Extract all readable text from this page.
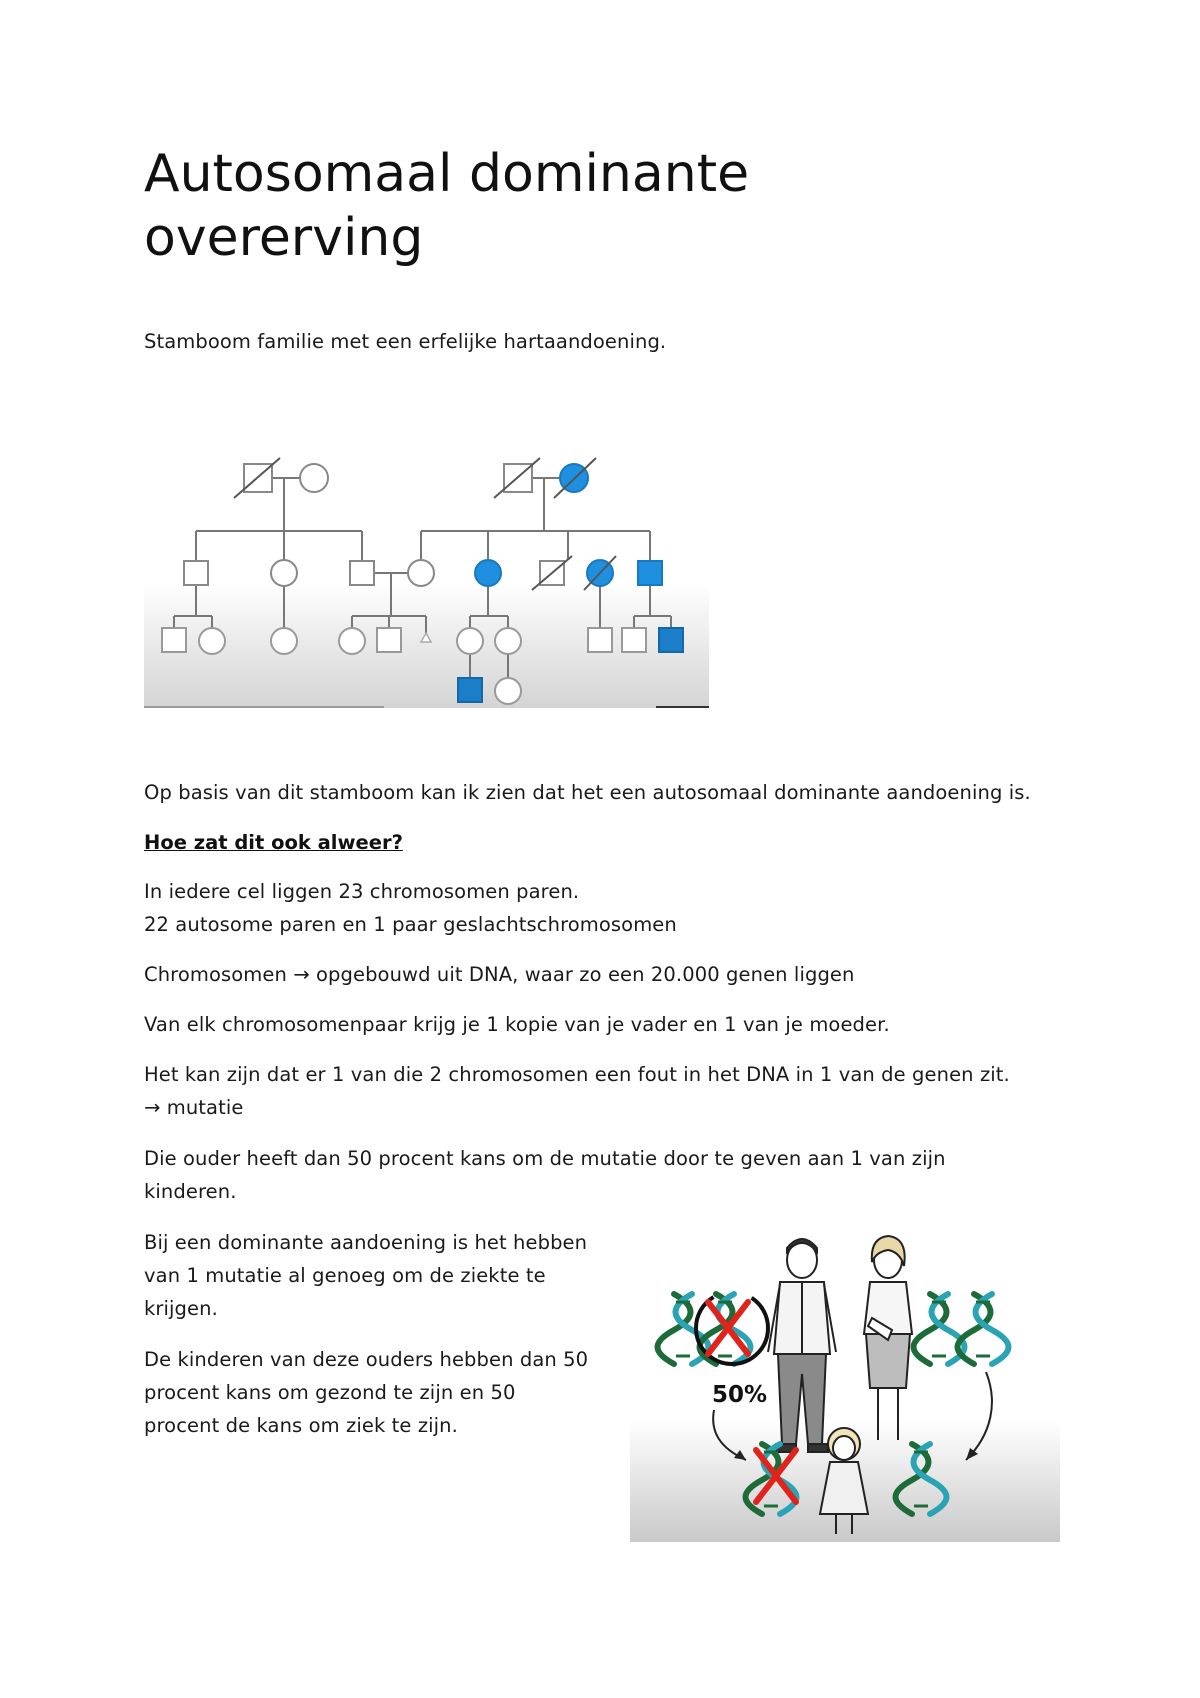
Autosomaal dominante
overerving

Stamboom familie met een erfelijke hartaandoening.

Op basis van dit stamboom kan ik zien dat het een autosomaal dominante aandoening is.

Hoe zat dit ook alweer?

In iedere cel liggen 23 chromosomen paren.
22 autosome paren en 1 paar geslachtschromosomen

Chromosomen → opgebouwd uit DNA, waar zo een 20.000 genen liggen

Van elk chromosomenpaar krijg je 1 kopie van je vader en 1 van je moeder.

Het kan zijn dat er 1 van die 2 chromosomen een fout in het DNA in 1 van de genen zit.
→ mutatie

Die ouder heeft dan 50 procent kans om de mutatie door te geven aan 1 van zijn
kinderen.

Bij een dominante aandoening is het hebben
van 1 mutatie al genoeg om de ziekte te
krijgen.

De kinderen van deze ouders hebben dan 50
procent kans om gezond te zijn en 50
procent de kans om ziek te zijn.

50%
